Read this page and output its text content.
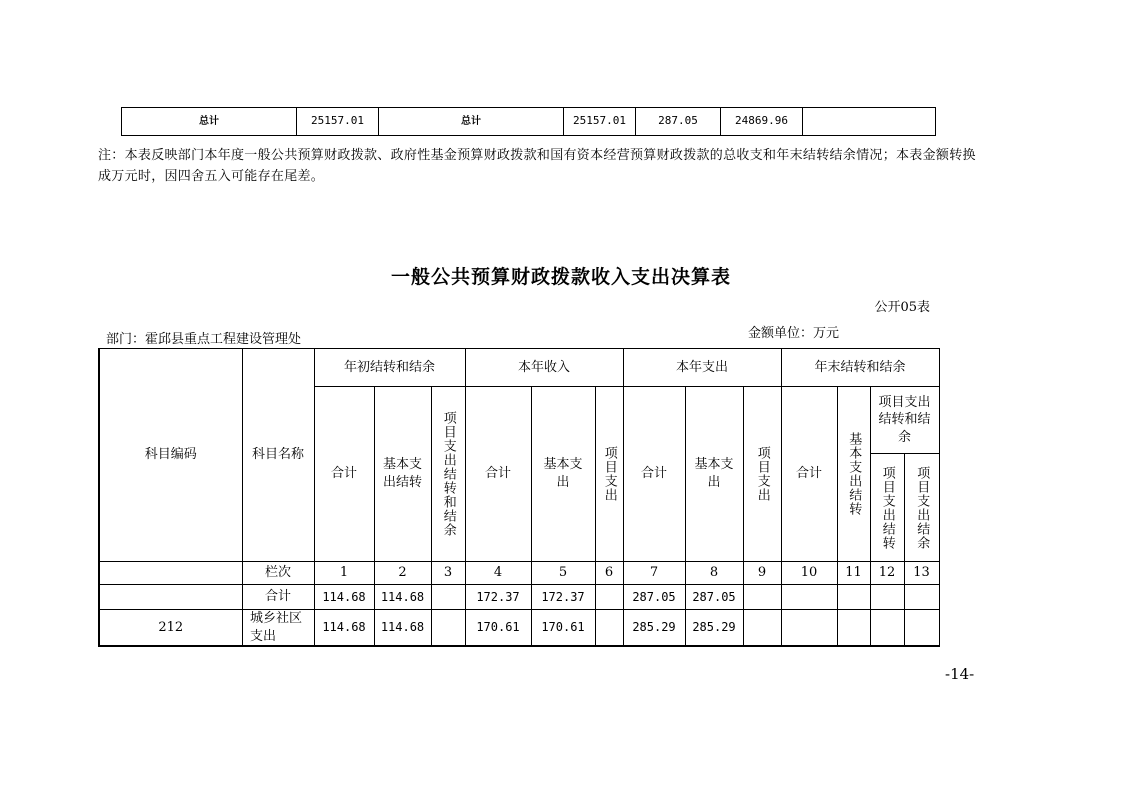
总计	25157.01	总计	25157.01	287.05	24869.96	
注：本表反映部门本年度一般公共预算财政拨款、政府性基金预算财政拨款和国有资本经营预算财政拨款的总收支和年末结转结余情况；本表金额转换成万元时，因四舍五入可能存在尾差。
一般公共预算财政拨款收入支出决算表
公开05表
部门：霍邱县重点工程建设管理处	金额单位：万元
科目编码	科目名称	年初结转和结余			本年收入			本年支出			年末结转和结余			
		合计	基本支出结转	项目支出结转和结余	合计	基本支出	项目支出	合计	基本支出	项目支出	合计	基本支出结转	项目支出结转和结余	

													项目支出结转	项目支出结余

	栏次	1	2	3	4	5	6	7	8	9	10	11	12	13
	合计	114.68	114.68		172.37	172.37		287.05	287.05					
212	城乡社区支出	114.68	114.68		170.61	170.61		285.29	285.29					
-14-
